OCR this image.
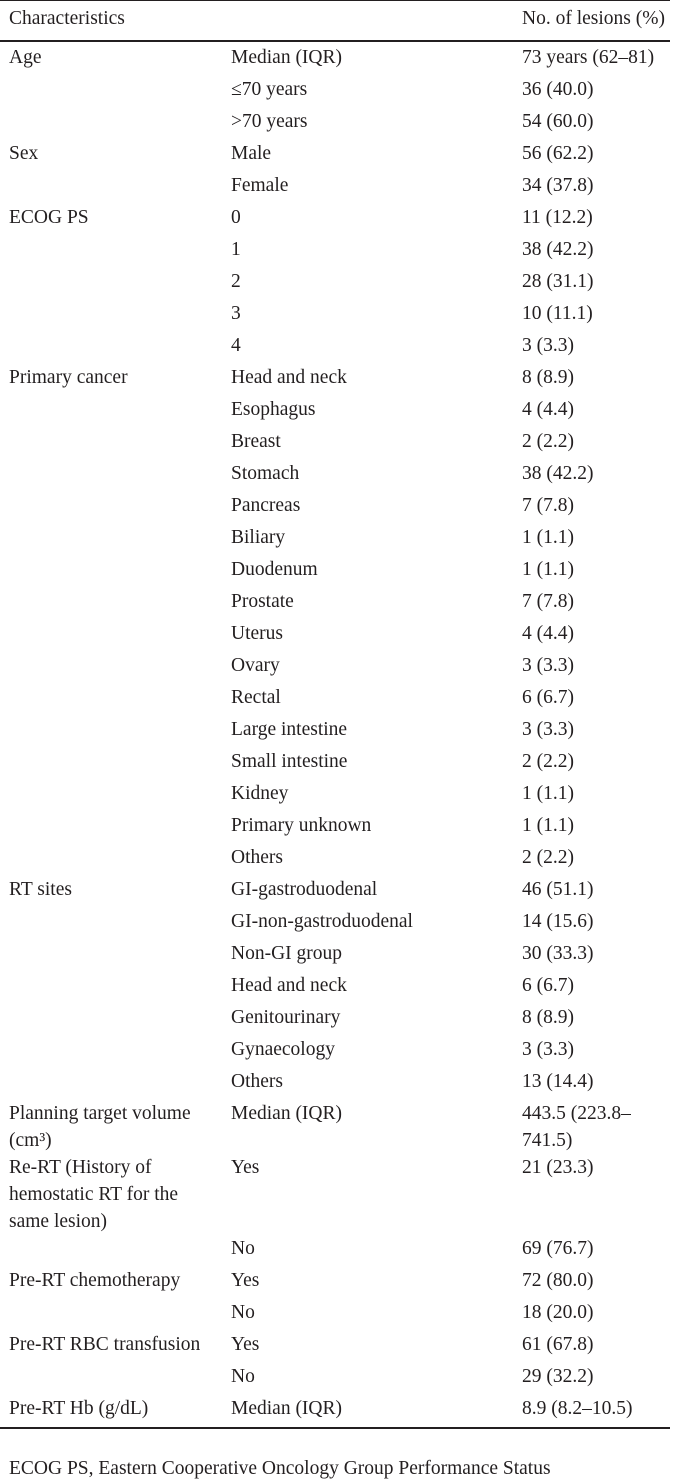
Characteristics		No. of lesions (%)
Age	Median (IQR)	73 years (62–81)
	≤70 years	36 (40.0)
	>70 years	54 (60.0)
Sex	Male	56 (62.2)
	Female	34 (37.8)
ECOG PS	0	11 (12.2)
	1	38 (42.2)
	2	28 (31.1)
	3	10 (11.1)
	4	3 (3.3)
Primary cancer	Head and neck	8 (8.9)
	Esophagus	4 (4.4)
	Breast	2 (2.2)
	Stomach	38 (42.2)
	Pancreas	7 (7.8)
	Biliary	1 (1.1)
	Duodenum	1 (1.1)
	Prostate	7 (7.8)
	Uterus	4 (4.4)
	Ovary	3 (3.3)
	Rectal	6 (6.7)
	Large intestine	3 (3.3)
	Small intestine	2 (2.2)
	Kidney	1 (1.1)
	Primary unknown	1 (1.1)
	Others	2 (2.2)
RT sites	GI-gastroduodenal	46 (51.1)
	GI-non-gastroduodenal	14 (15.6)
	Non-GI group	30 (33.3)
	Head and neck	6 (6.7)
	Genitourinary	8 (8.9)
	Gynaecology	3 (3.3)
	Others	13 (14.4)
Planning target volume (cm³)	Median (IQR)	443.5 (223.8–741.5)
Re-RT (History of hemostatic RT for the same lesion)	Yes	21 (23.3)
	No	69 (76.7)
Pre-RT chemotherapy	Yes	72 (80.0)
	No	18 (20.0)
Pre-RT RBC transfusion	Yes	61 (67.8)
	No	29 (32.2)
Pre-RT Hb (g/dL)	Median (IQR)	8.9 (8.2–10.5)
ECOG PS, Eastern Cooperative Oncology Group Performance Status
